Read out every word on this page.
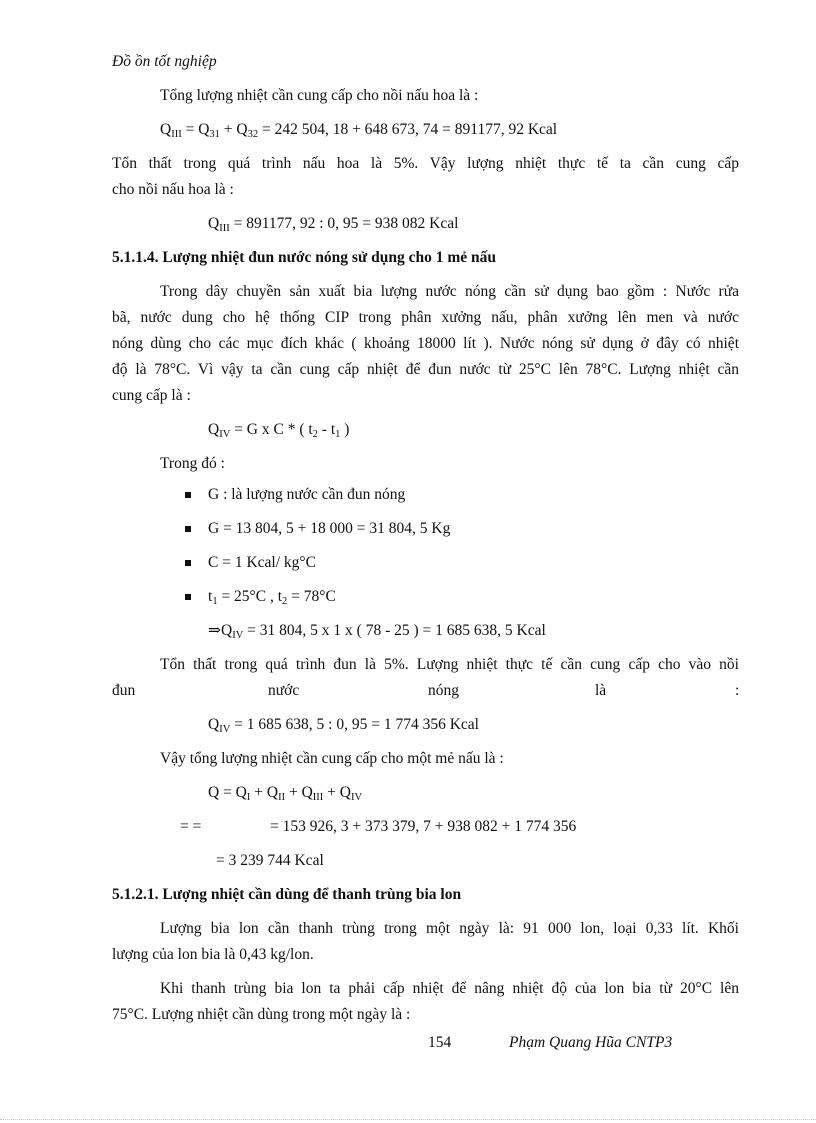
Đồ ồn tốt nghiệp
Tổng lượng nhiệt cần cung cấp cho nồi nấu hoa là :
$Q_{III} = Q_{31} + Q_{32} = 242$ 504, 18 + 648 673, 74 = 891177, 92 Kcal
Tổn thất trong quá trình nấu hoa là 5%. Vậy lượng nhiệt thực tế ta cần cung cấp
cho nồi nấu hoa là :
$Q_{III} = 891177$, 92 : 0, 95 = 938 082 Kcal
5.1.1.4. Lượng nhiệt đun nước nóng sử dụng cho 1 mẻ nấu
Trong dây chuyền sản xuất bia lượng nước nóng cần sử dụng bao gồm : Nước rửa
bã, nước dung cho hệ thống CIP trong phân xưởng nấu, phân xưởng lên men và nước
nóng dùng cho các mục đích khác ( khoảng 18000 lít ). Nước nóng sử dụng ở đây có nhiệt
độ là 78°C. Vì vậy ta cần cung cấp nhiệt để đun nước từ 25°C lên 78°C. Lượng nhiệt cần
cung cấp là :
$Q_{IV} = G$ x C * ( $t_2 - t_1$ )
Trong đó :
G : là lượng nước cần đun nóng
G = 13 804, 5 + 18 000 = 31 804, 5 Kg
C = 1 Kcal/ kg°C
$t_1 = 25^\circ C$ , $t_2 = 78^\circ C$
$\Rightarrow Q_{IV} = 31$ 804, 5 x 1 x ( 78 - 25 ) = 1 685 638, 5 Kcal
Tổn thất trong quá trình đun là 5%. Lượng nhiệt thực tế cần cung cấp cho vào nồi
đun	nước	nóng	là	:
$Q_{IV} = 1$ 685 638, 5 : 0, 95 = 1 774 356 Kcal
Vậy tổng lượng nhiệt cần cung cấp cho một mẻ nấu là :
$Q = Q_I + Q_{II} + Q_{III} + Q_{IV}$
= =	= 153 926, 3 + 373 379, 7 + 938 082 + 1 774 356
= 3 239 744 Kcal
5.1.2.1. Lượng nhiệt cần dùng để thanh trùng bia lon
Lượng bia lon cần thanh trùng trong một ngày là: 91 000 lon, loại 0,33 lít. Khối
lượng của lon bia là 0,43 kg/lon.
Khi thanh trùng bia lon ta phải cấp nhiệt để nâng nhiệt độ của lon bia từ 20°C lên
75°C. Lượng nhiệt cần dùng trong một ngày là :
154	Phạm Quang Hũa CNTP3
